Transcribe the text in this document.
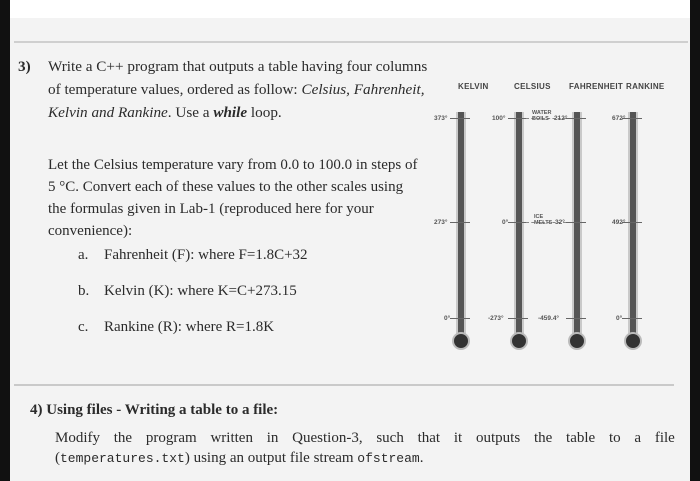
3) Write a C++ program that outputs a table having four columns of temperature values, ordered as follow: Celsius, Fahrenheit, Kelvin and Rankine. Use a while loop.
Let the Celsius temperature vary from 0.0 to 100.0 in steps of 5 °C. Convert each of these values to the other scales using the formulas given in Lab-1 (reproduced here for your convenience):
a. Fahrenheit (F): where F=1.8C+32
b. Kelvin (K): where K=C+273.15
c. Rankine (R): where R=1.8K
KELVIN	CELSIUS FAHRENHEIT RANKINE
373°
273°
0°
100°
0°
-273°
212°
32°
-459.4°
672°
492°
0°
WATER BOILS
ICE MELTS
4) Using files - Writing a table to a file:
Modify the program written in Question-3, such that it outputs the table to a file
(temperatures.txt) using an output file stream ofstream.
